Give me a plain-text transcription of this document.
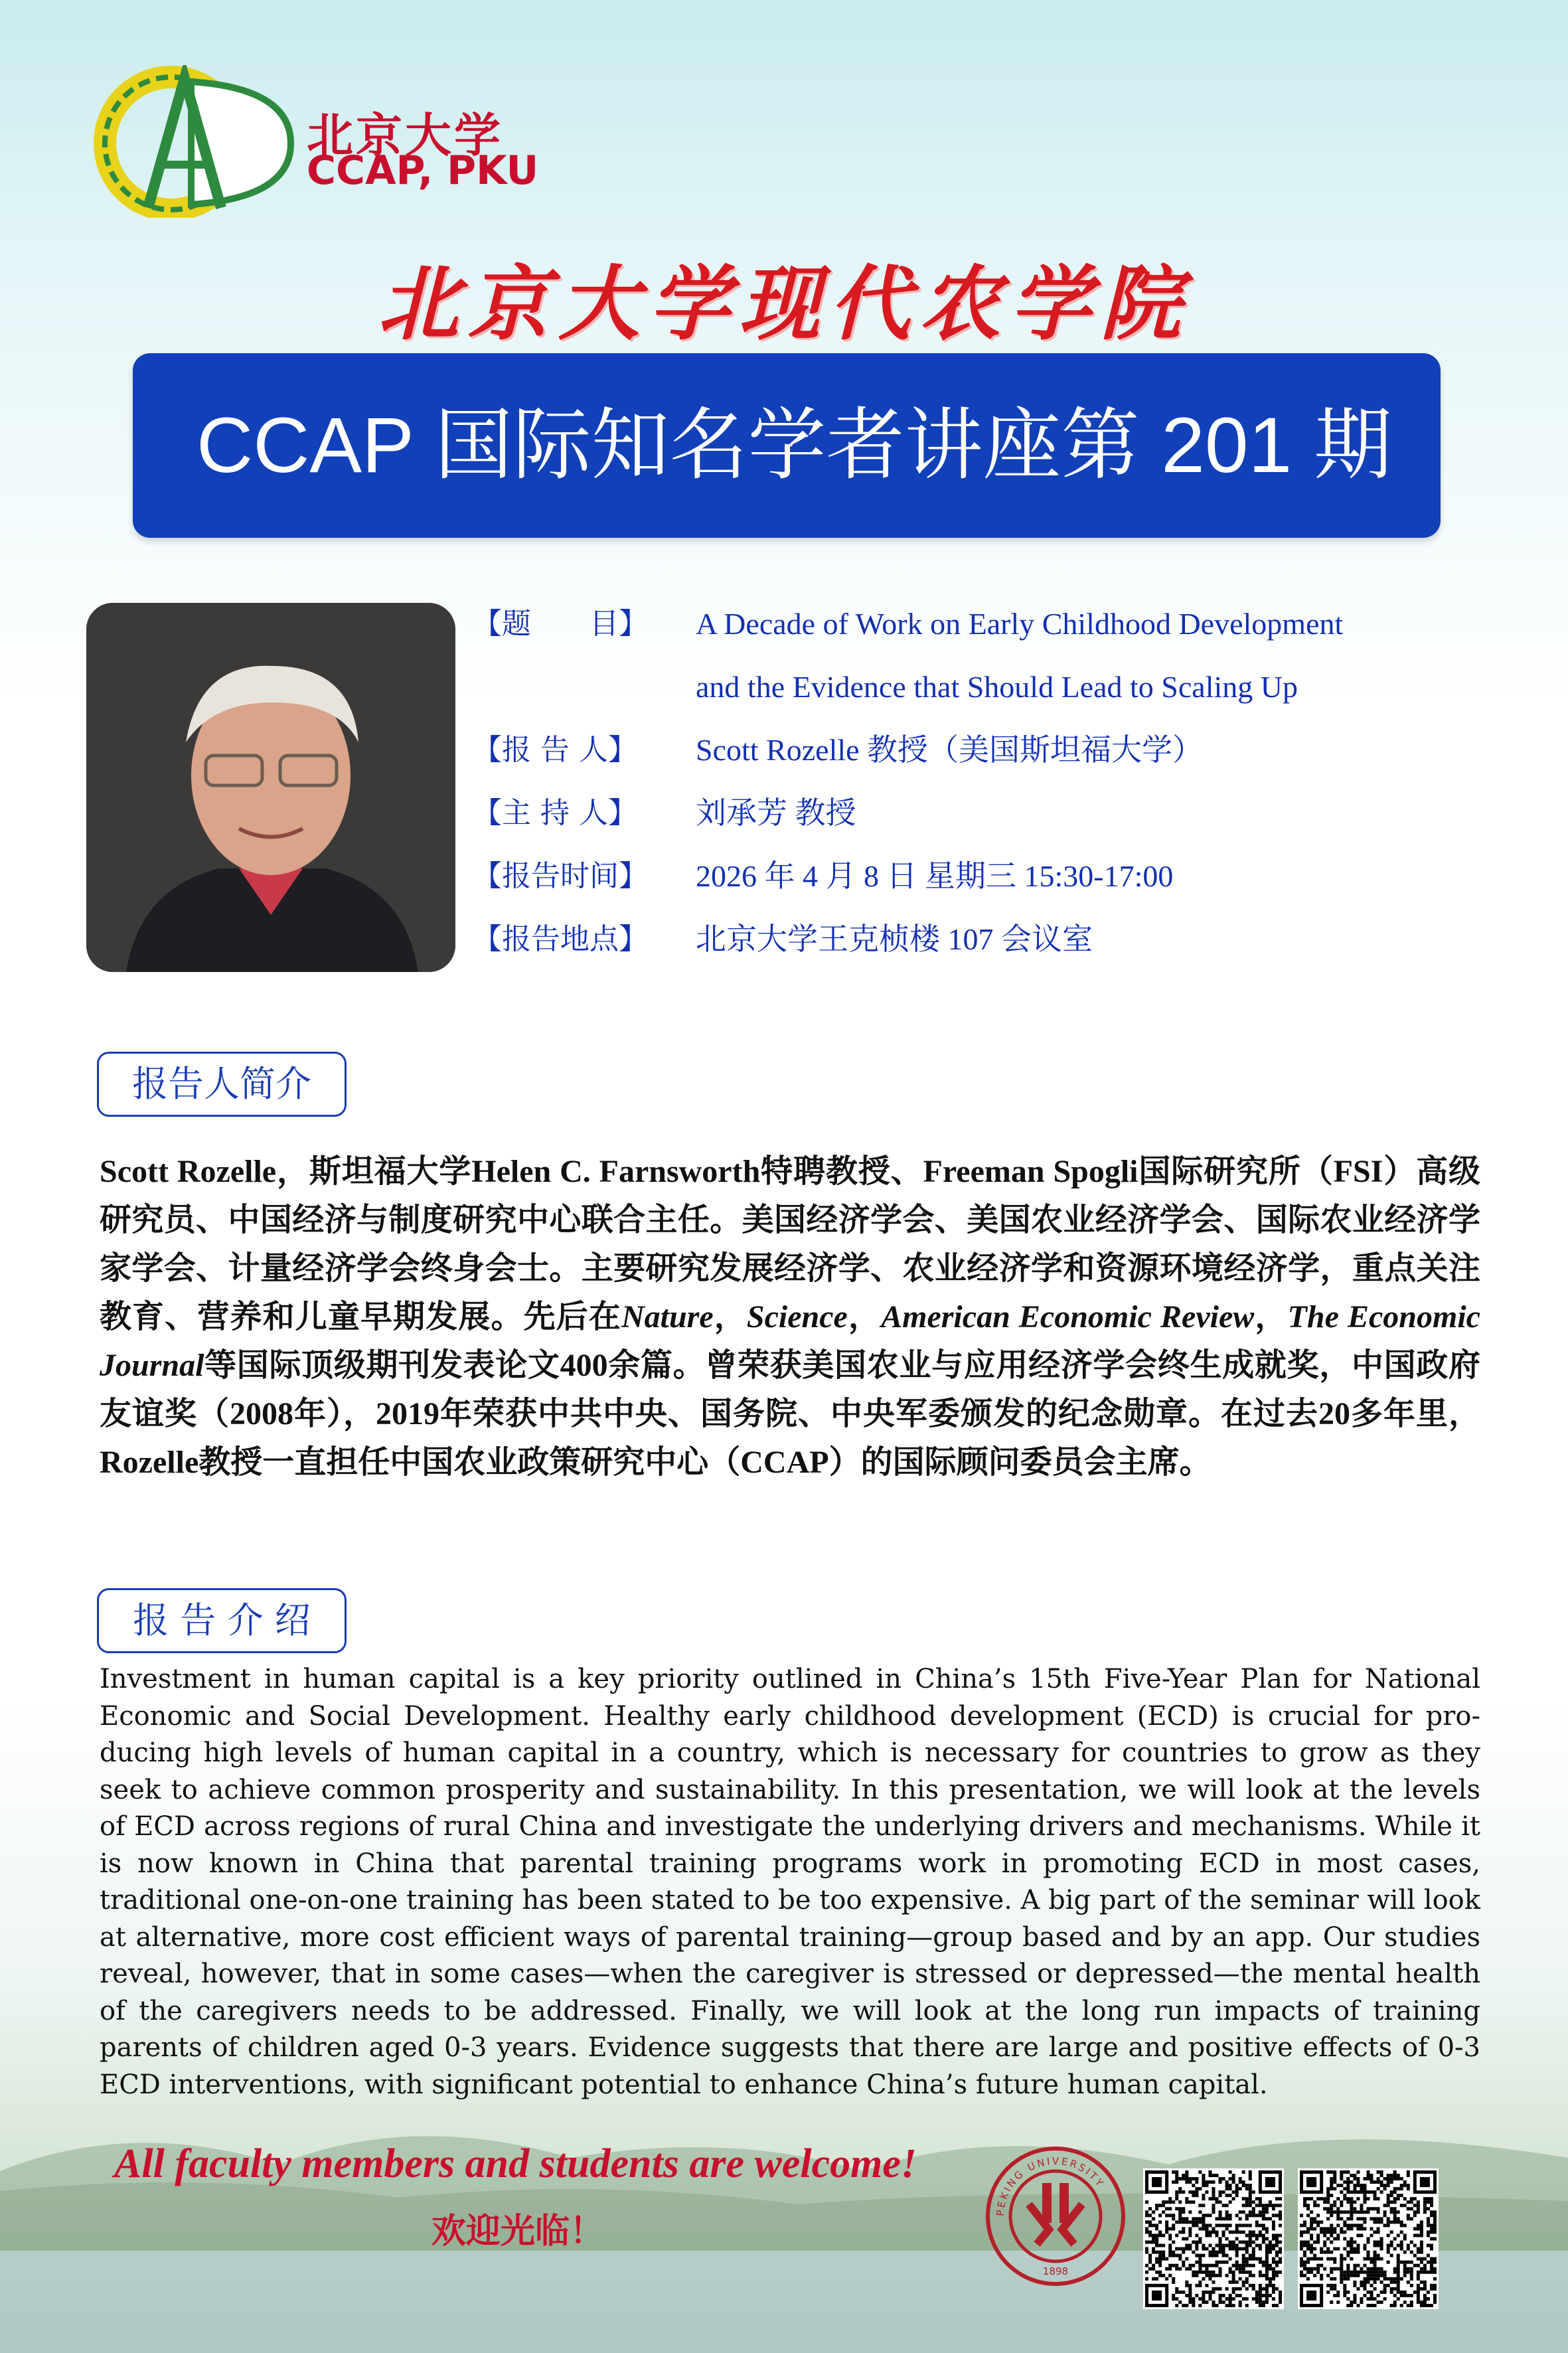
北京大学
CCAP, PKU
北京大学现代农学院
CCAP 国际知名学者讲座第 201 期
【题　　目】	A Decade of Work on Early Childhood Development
and the Evidence that Should Lead to Scaling Up
【报 告 人】	Scott Rozelle 教授（美国斯坦福大学）
【主 持 人】	刘承芳 教授
【报告时间】	2026 年 4 月 8 日 星期三 15:30-17:00
【报告地点】	北京大学王克桢楼 107 会议室
报告人简介
Scott Rozelle，斯坦福大学Helen C. Farnsworth特聘教授、Freeman Spogli国际研究所（FSI）高级研究员、中国经济与制度研究中心联合主任。美国经济学会、美国农业经济学会、国际农业经济学家学会、计量经济学会终身会士。主要研究发展经济学、农业经济学和资源环境经济学，重点关注教育、营养和儿童早期发展。先后在Nature，Science，American Economic Review，The Economic Journal等国际顶级期刊发表论文400余篇。曾荣获美国农业与应用经济学会终生成就奖，中国政府友谊奖（2008年），2019年荣获中共中央、国务院、中央军委颁发的纪念勋章。在过去20多年里，Rozelle教授一直担任中国农业政策研究中心（CCAP）的国际顾问委员会主席。
报 告 介 绍
Investment in human capital is a key priority outlined in China’s 15th Five-Year Plan for National Economic and Social Development. Healthy early childhood development (ECD) is crucial for producing high levels of human capital in a country, which is necessary for countries to grow as they seek to achieve common prosperity and sustainability. In this presentation, we will look at the levels of ECD across regions of rural China and investigate the underlying drivers and mechanisms. While it is now known in China that parental training programs work in promoting ECD in most cases, traditional one-on-one training has been stated to be too expensive. A big part of the seminar will look at alternative, more cost efficient ways of parental training—group based and by an app. Our studies reveal, however, that in some cases—when the caregiver is stressed or depressed—the mental health of the caregivers needs to be addressed. Finally, we will look at the long run impacts of training parents of children aged 0-3 years. Evidence suggests that there are large and positive effects of 0-3 ECD interventions, with significant potential to enhance China’s future human capital.
All faculty members and students are welcome!
欢迎光临！	PEKING UNIVERSITY
1898
